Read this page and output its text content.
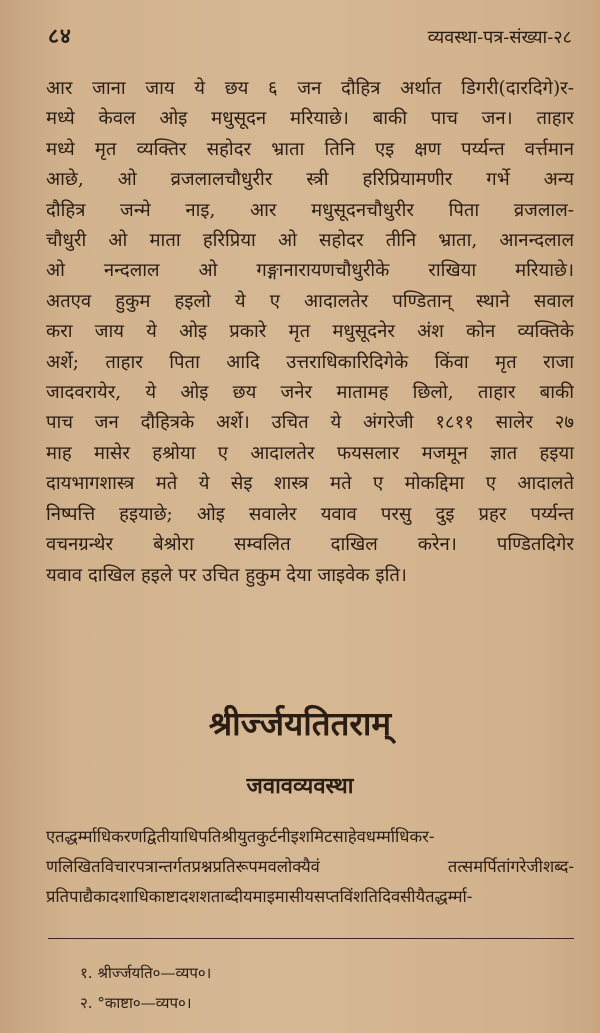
८४	व्यवस्था-पत्र-संख्या-२८
आर जाना जाय ये छय ६ जन दौहित्र अर्थात डिगरी(दारदिगे)र-
मध्ये केवल ओइ मधुसूदन मरियाछे। बाकी पाच जन। ताहार
मध्ये मृत व्यक्तिर सहोदर भ्राता तिनि एइ क्षण पर्य्यन्त वर्त्तमान
आछे, ओ व्रजलालचौधुरीर स्त्री हरिप्रियामणीर गर्भे अन्य
दौहित्र जन्मे नाइ, आर मधुसूदनचौधुरीर पिता व्रजलाल-
चौधुरी ओ माता हरिप्रिया ओ सहोदर तीनि भ्राता, आनन्दलाल
ओ नन्दलाल ओ गङ्गानारायणचौधुरीके राखिया मरियाछे।
अतएव हुकुम हइलो ये ए आदालतेर पण्डितान् स्थाने सवाल
करा जाय ये ओइ प्रकारे मृत मधुसूदनेर अंश कोन व्यक्तिके
अर्शे; ताहार पिता आदि उत्तराधिकारिदिगेके किंवा मृत राजा
जादवरायेर, ये ओइ छय जनेर मातामह छिलो, ताहार बाकी
पाच जन दौहित्रके अर्शे। उचित ये अंगरेजी १८११ सालेर २७
माह मासेर हश्रोया ए आदालतेर फयसलार मजमून ज्ञात हइया
दायभागशास्त्र मते ये सेइ शास्त्र मते ए मोकद्दिमा ए आदालते
निष्पत्ति हइयाछे; ओइ सवालेर यवाव परसु दुइ प्रहर पर्य्यन्त
वचनग्रन्थेर बेश्रोरा सम्वलित दाखिल करेन। पण्डितदिगेर
यवाव दाखिल हइले पर उचित हुकुम देया जाइवेक इति।
श्रीर्ज्जयतितराम्
जवावव्यवस्था
एतद्धर्म्माधिकरणद्वितीयाधिपतिश्रीयुतकुर्टनीइशमिटसाहेवधर्म्माधिकर-
णलिखितविचारपत्रान्तर्गतप्रश्नप्रतिरूपमवलोक्यैवं तत्समर्पितांगरेजीशब्द-
प्रतिपाद्यैकादशाधिकाष्टादशशताब्दीयमाइमासीयसप्तविंशतिदिवसीयैतद्धर्म्मा-
१. श्रीर्ज्जयति०—व्यप०।
२. °काष्टा०—व्यप०।
